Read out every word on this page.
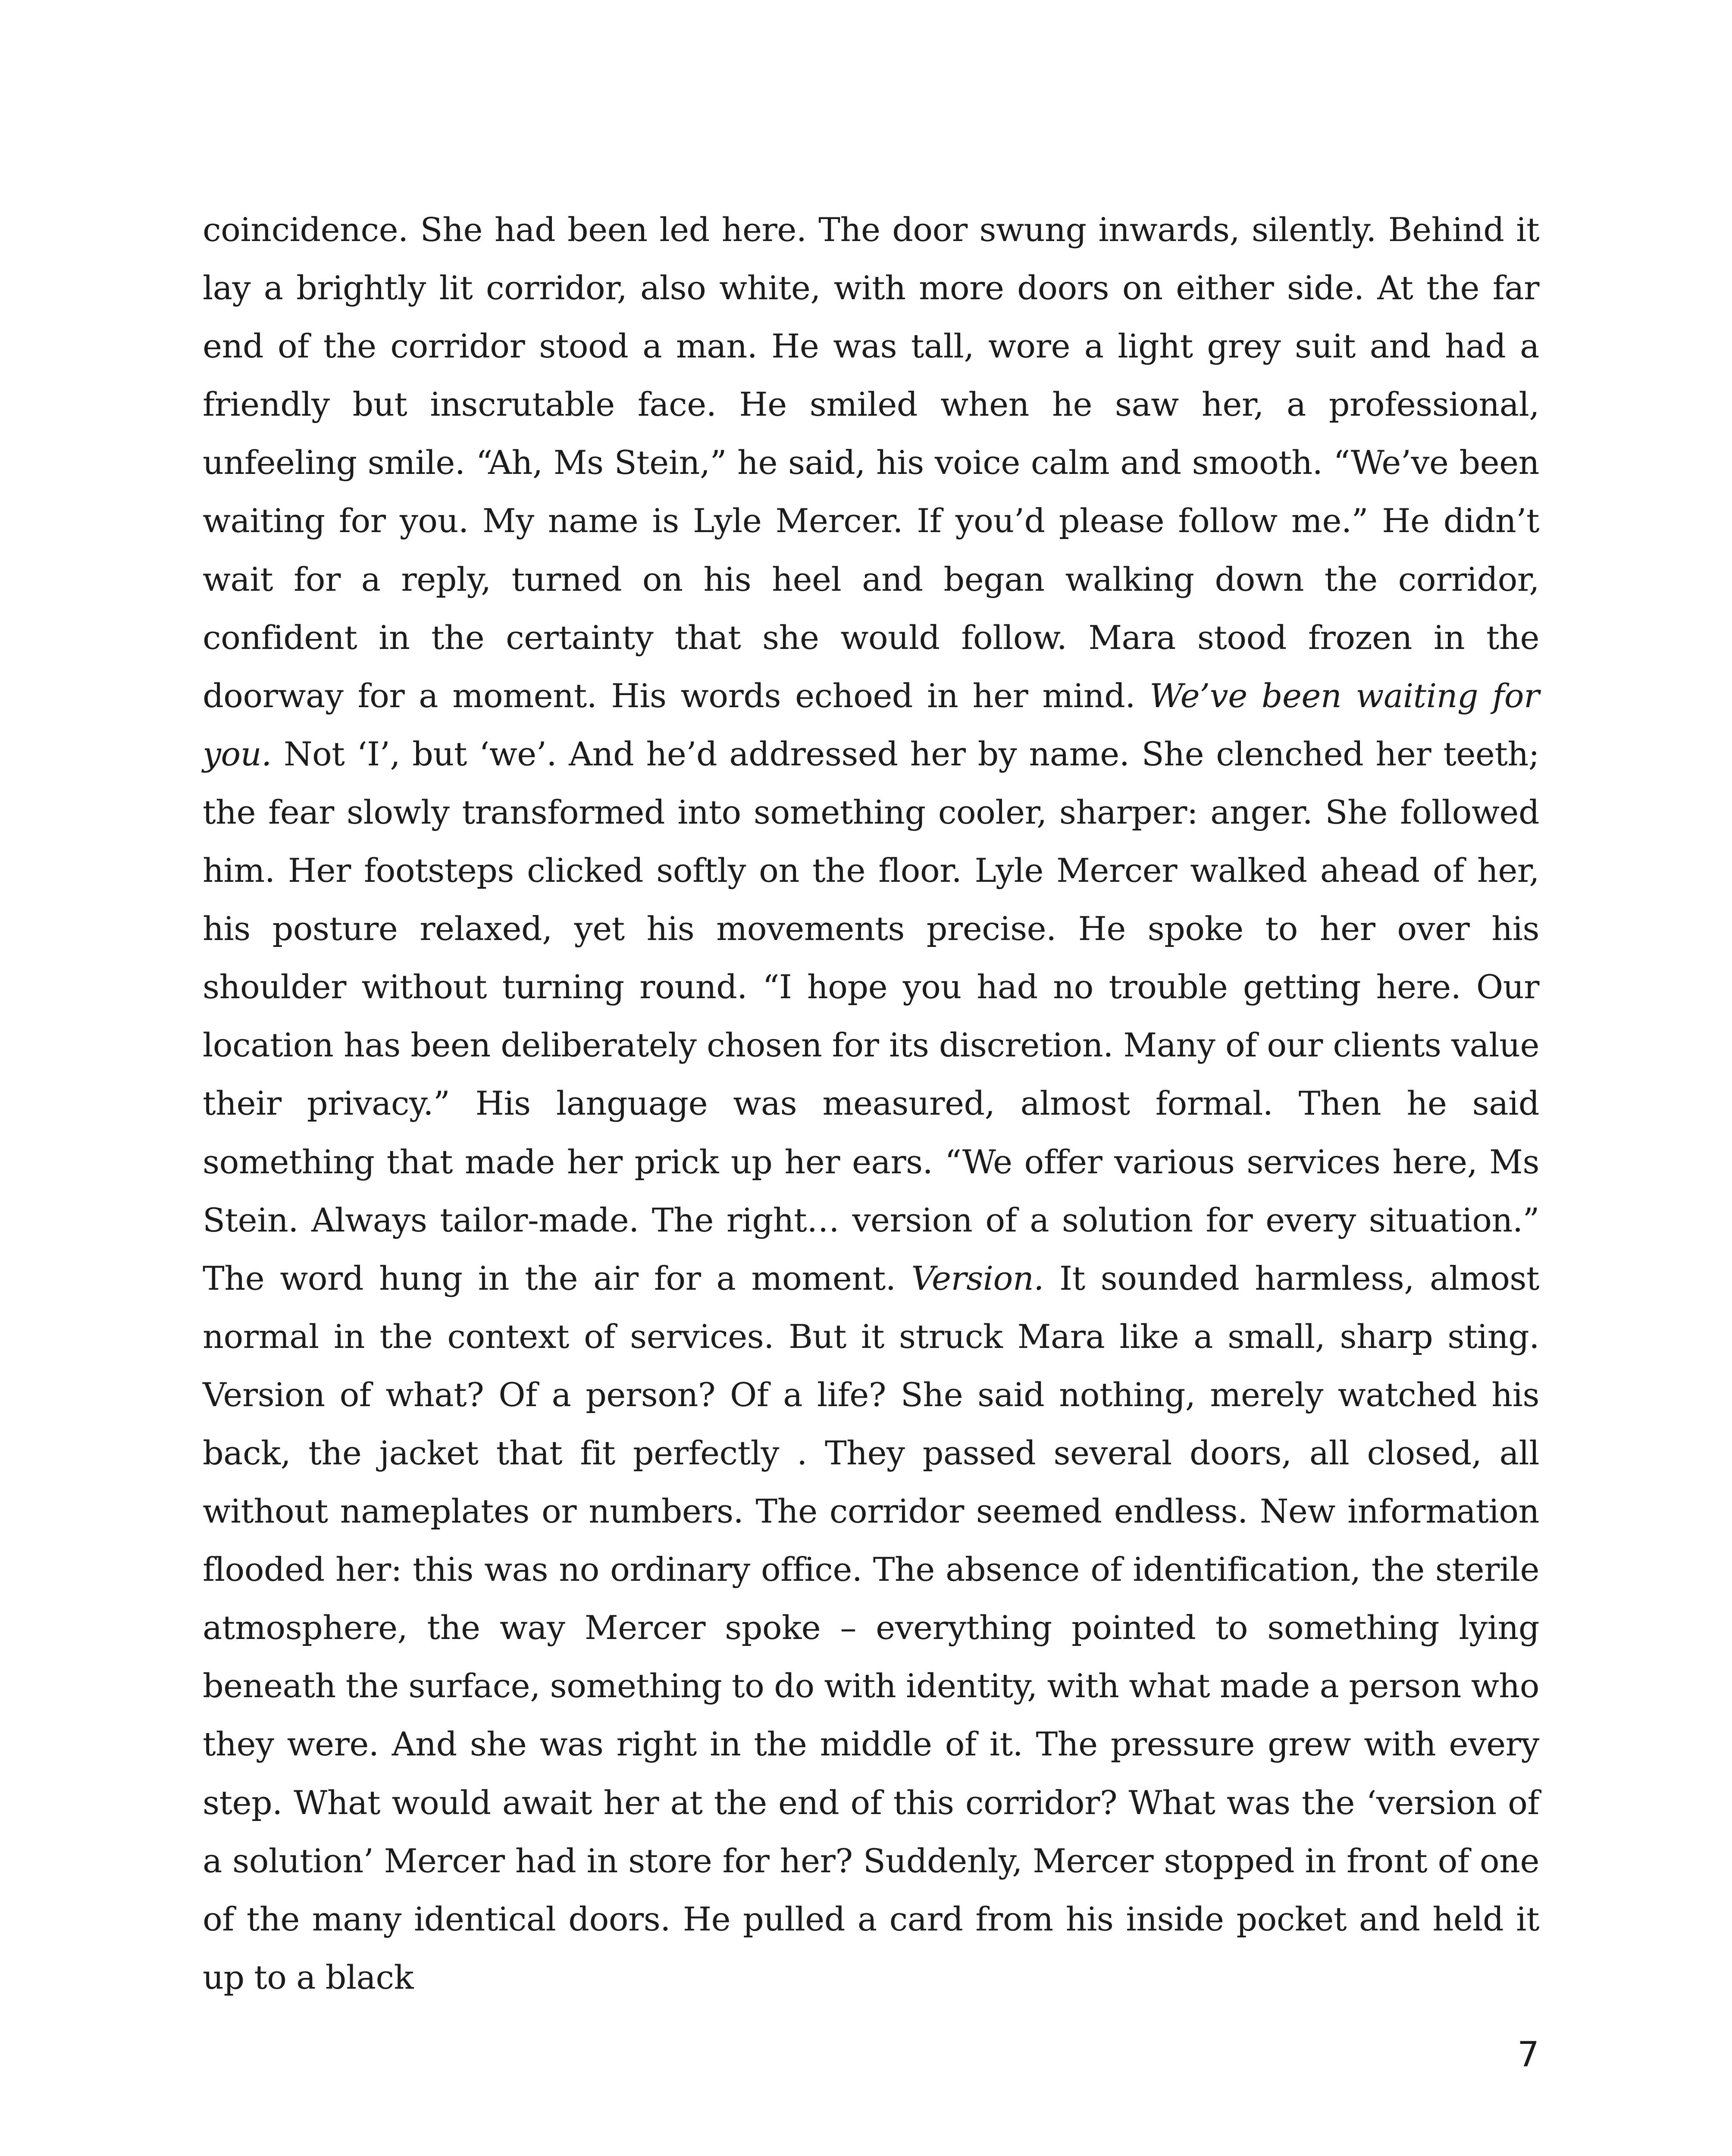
coincidence. She had been led here. The door swung inwards, silently. Behind it lay a brightly lit corridor, also white, with more doors on either side. At the far end of the corridor stood a man. He was tall, wore a light grey suit and had a friendly but inscrutable face. He smiled when he saw her, a professional, unfeeling smile. “Ah, Ms Stein,” he said, his voice calm and smooth. “We’ve been waiting for you. My name is Lyle Mercer. If you’d please follow me.” He didn’t wait for a reply, turned on his heel and began walking down the corridor, confident in the certainty that she would follow. Mara stood frozen in the doorway for a moment. His words echoed in her mind. We’ve been waiting for you. Not ‘I’, but ‘we’. And he’d addressed her by name. She clenched her teeth; the fear slowly transformed into something cooler, sharper: anger. She followed him. Her footsteps clicked softly on the floor. Lyle Mercer walked ahead of her, his posture relaxed, yet his movements precise. He spoke to her over his shoulder without turning round. “I hope you had no trouble getting here. Our location has been deliberately chosen for its discretion. Many of our clients value their privacy.” His language was measured, almost formal. Then he said something that made her prick up her ears. “We offer various services here, Ms Stein. Always tailor-made. The right… version of a solution for every situation.” The word hung in the air for a moment. Version. It sounded harmless, almost normal in the context of services. But it struck Mara like a small, sharp sting. Version of what? Of a person? Of a life? She said nothing, merely watched his back, the jacket that fit perfectly . They passed several doors, all closed, all without nameplates or numbers. The corridor seemed endless. New information flooded her: this was no ordinary office. The absence of identification, the sterile atmosphere, the way Mercer spoke – everything pointed to something lying beneath the surface, something to do with identity, with what made a person who they were. And she was right in the middle of it. The pressure grew with every step. What would await her at the end of this corridor? What was the ‘version of a solution’ Mercer had in store for her? Suddenly, Mercer stopped in front of one of the many identical doors. He pulled a card from his inside pocket and held it up to a black

7
